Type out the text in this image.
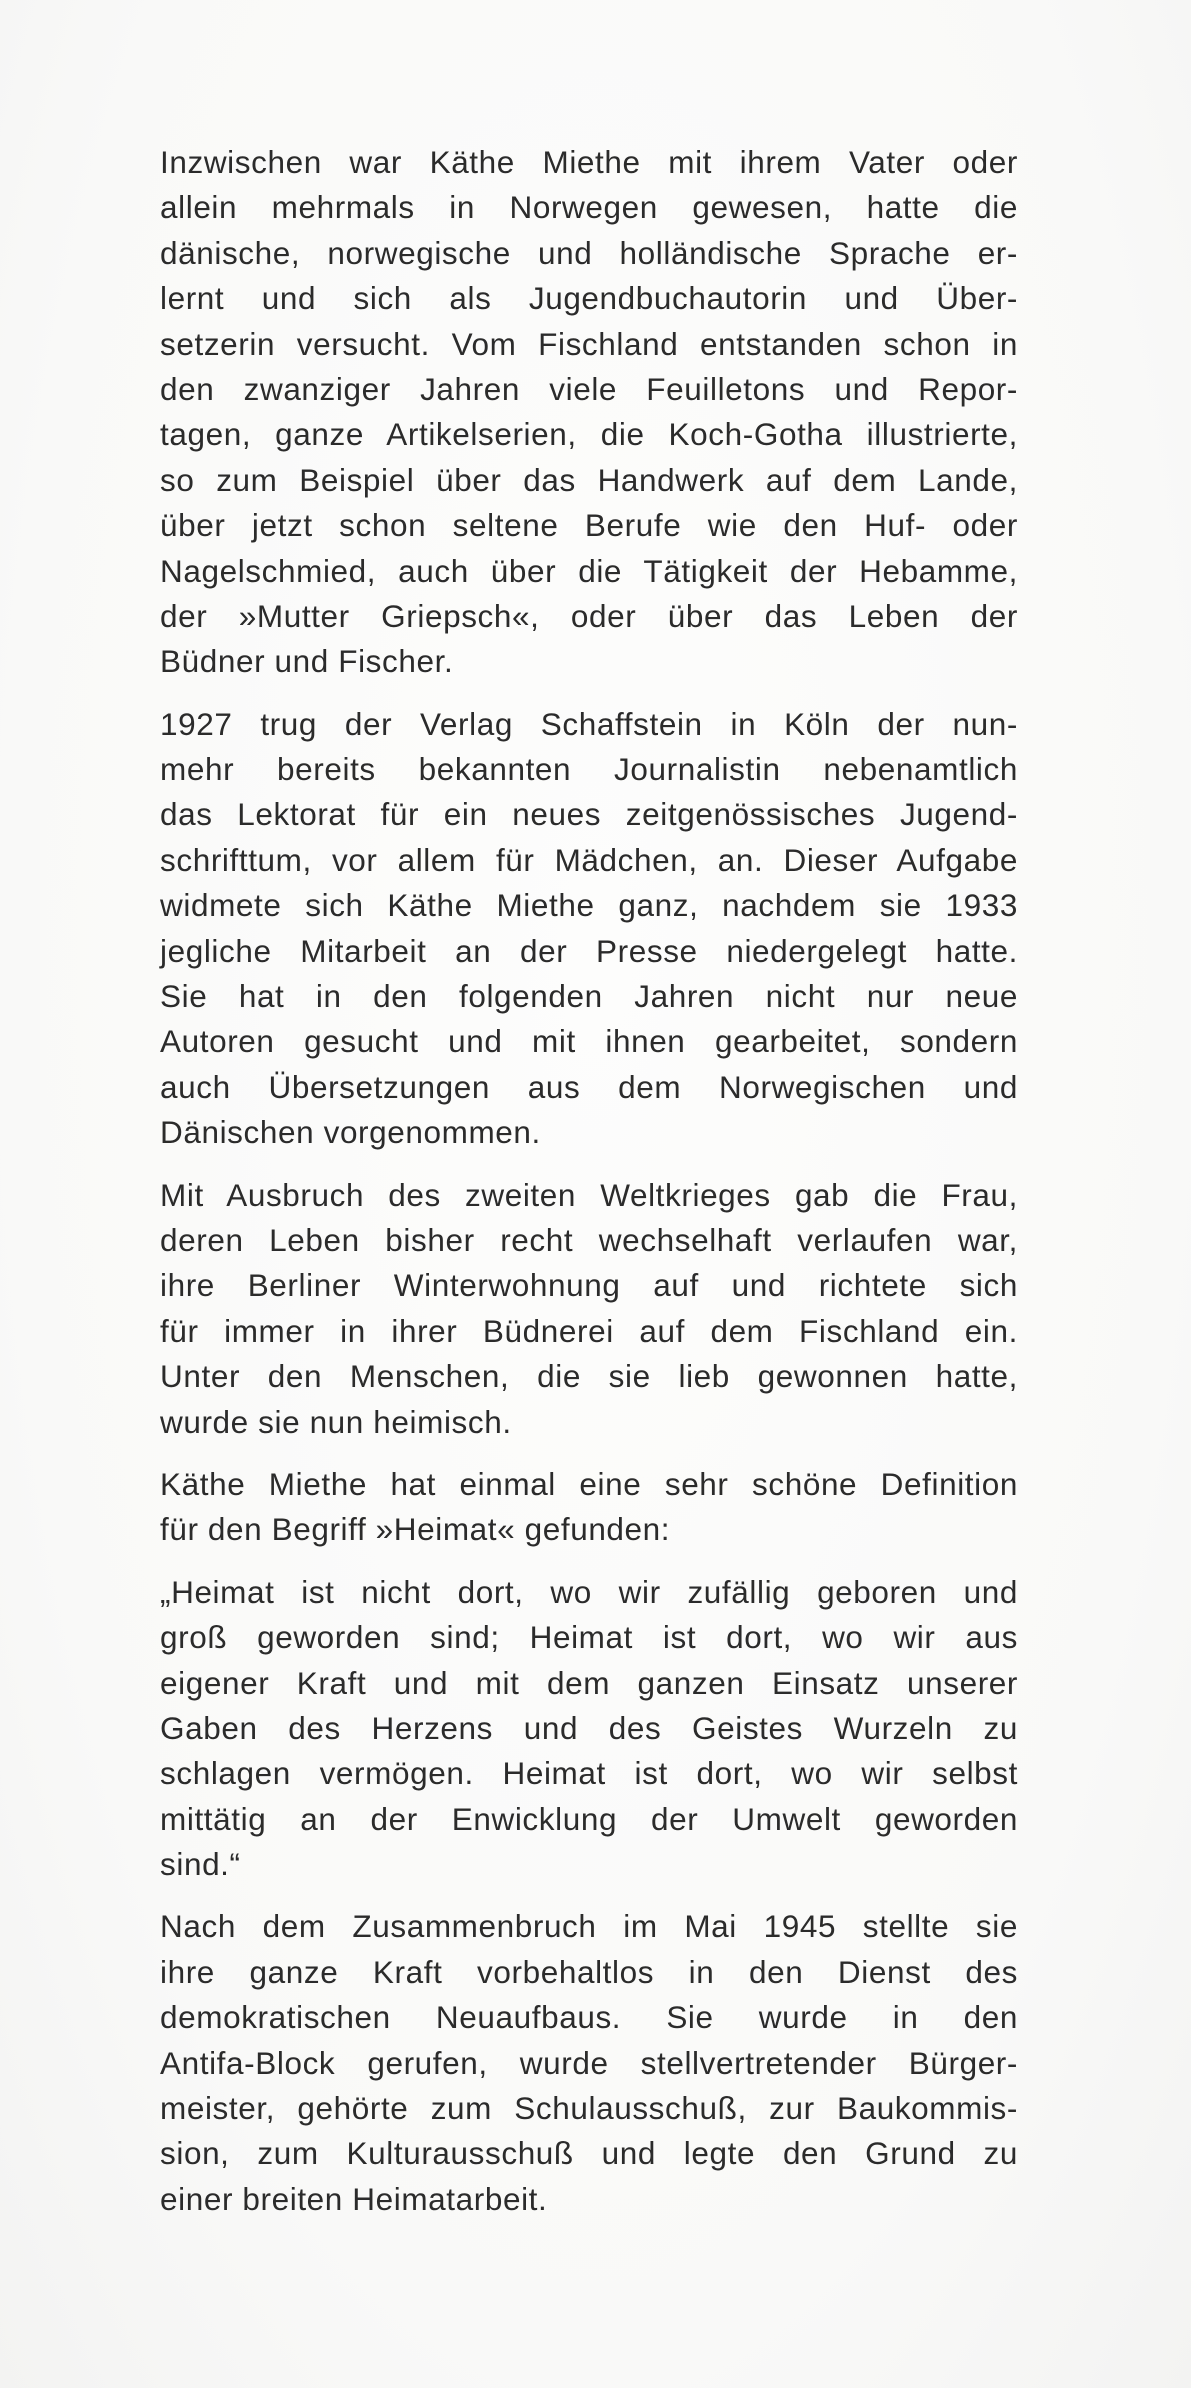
Inzwischen war Käthe Miethe mit ihrem Vater oder
allein mehrmals in Norwegen gewesen, hatte die
dänische, norwegische und holländische Sprache er-
lernt und sich als Jugendbuchautorin und Über-
setzerin versucht. Vom Fischland entstanden schon in
den zwanziger Jahren viele Feuilletons und Repor-
tagen, ganze Artikelserien, die Koch-Gotha illustrierte,
so zum Beispiel über das Handwerk auf dem Lande,
über jetzt schon seltene Berufe wie den Huf- oder
Nagelschmied, auch über die Tätigkeit der Hebamme,
der »Mutter Griepsch«, oder über das Leben der
Büdner und Fischer.
1927 trug der Verlag Schaffstein in Köln der nun-
mehr bereits bekannten Journalistin nebenamtlich
das Lektorat für ein neues zeitgenössisches Jugend-
schrifttum, vor allem für Mädchen, an. Dieser Aufgabe
widmete sich Käthe Miethe ganz, nachdem sie 1933
jegliche Mitarbeit an der Presse niedergelegt hatte.
Sie hat in den folgenden Jahren nicht nur neue
Autoren gesucht und mit ihnen gearbeitet, sondern
auch Übersetzungen aus dem Norwegischen und
Dänischen vorgenommen.
Mit Ausbruch des zweiten Weltkrieges gab die Frau,
deren Leben bisher recht wechselhaft verlaufen war,
ihre Berliner Winterwohnung auf und richtete sich
für immer in ihrer Büdnerei auf dem Fischland ein.
Unter den Menschen, die sie lieb gewonnen hatte,
wurde sie nun heimisch.
Käthe Miethe hat einmal eine sehr schöne Definition
für den Begriff »Heimat« gefunden:
„Heimat ist nicht dort, wo wir zufällig geboren und
groß geworden sind; Heimat ist dort, wo wir aus
eigener Kraft und mit dem ganzen Einsatz unserer
Gaben des Herzens und des Geistes Wurzeln zu
schlagen vermögen. Heimat ist dort, wo wir selbst
mittätig an der Enwicklung der Umwelt geworden
sind.“
Nach dem Zusammenbruch im Mai 1945 stellte sie
ihre ganze Kraft vorbehaltlos in den Dienst des
demokratischen Neuaufbaus. Sie wurde in den
Antifa-Block gerufen, wurde stellvertretender Bürger-
meister, gehörte zum Schulausschuß, zur Baukommis-
sion, zum Kulturausschuß und legte den Grund zu
einer breiten Heimatarbeit.
